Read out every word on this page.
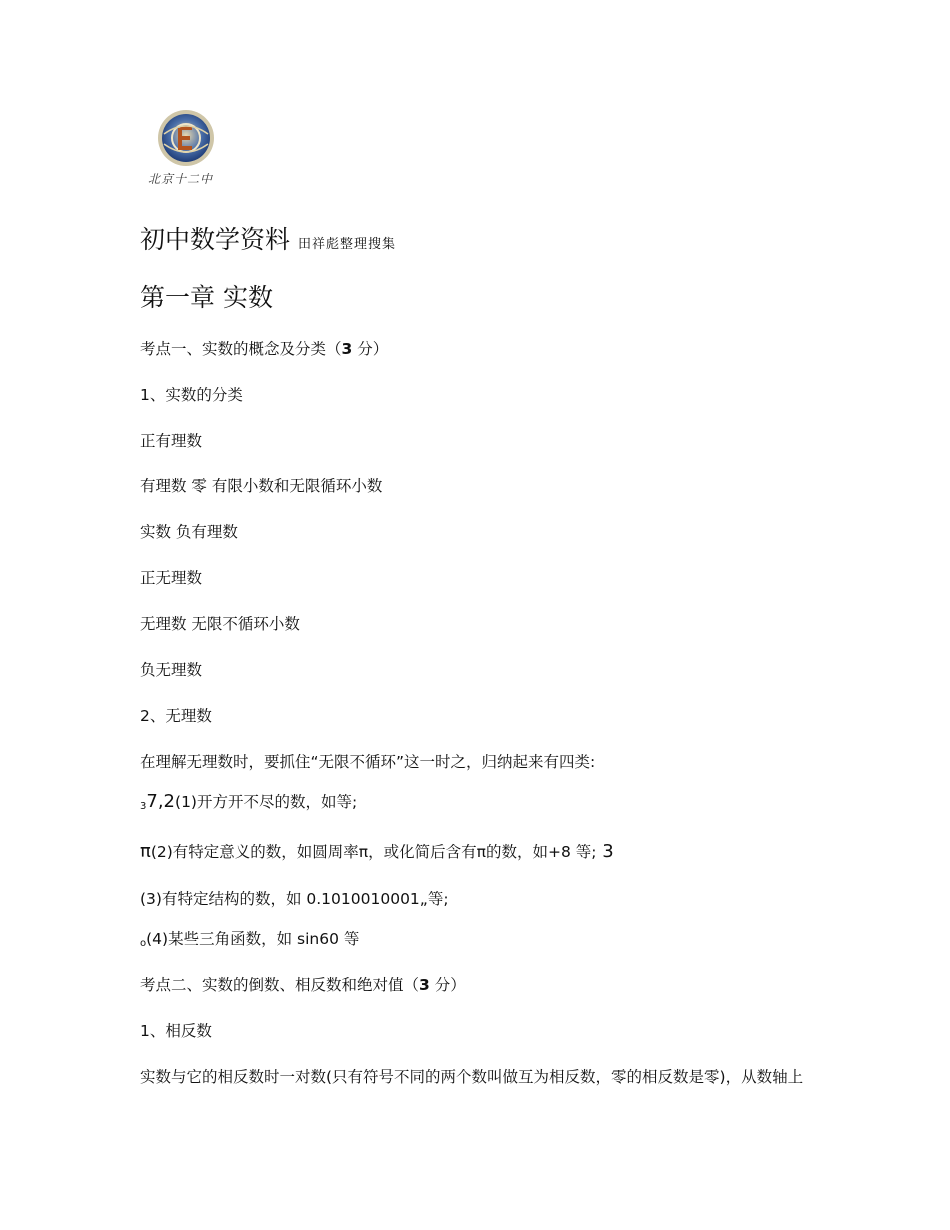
北京十二中

初中数学资料 田祥彪整理搜集

第一章 实数

考点一、实数的概念及分类（3 分）

1、实数的分类

正有理数

有理数 零 有限小数和无限循环小数

实数 负有理数

正无理数

无理数 无限不循环小数

负无理数

2、无理数

在理解无理数时，要抓住“无限不循环”这一时之，归纳起来有四类:

$_3$7,2(1)开方开不尽的数，如等;

π(2)有特定意义的数，如圆周率π，或化简后含有π的数，如+8 等; 3

(3)有特定结构的数，如 0.1010010001„等;

$_o$(4)某些三角函数，如 sin60 等

考点二、实数的倒数、相反数和绝对值（3 分）

1、相反数

实数与它的相反数时一对数(只有符号不同的两个数叫做互为相反数，零的相反数是零)，从数轴上
